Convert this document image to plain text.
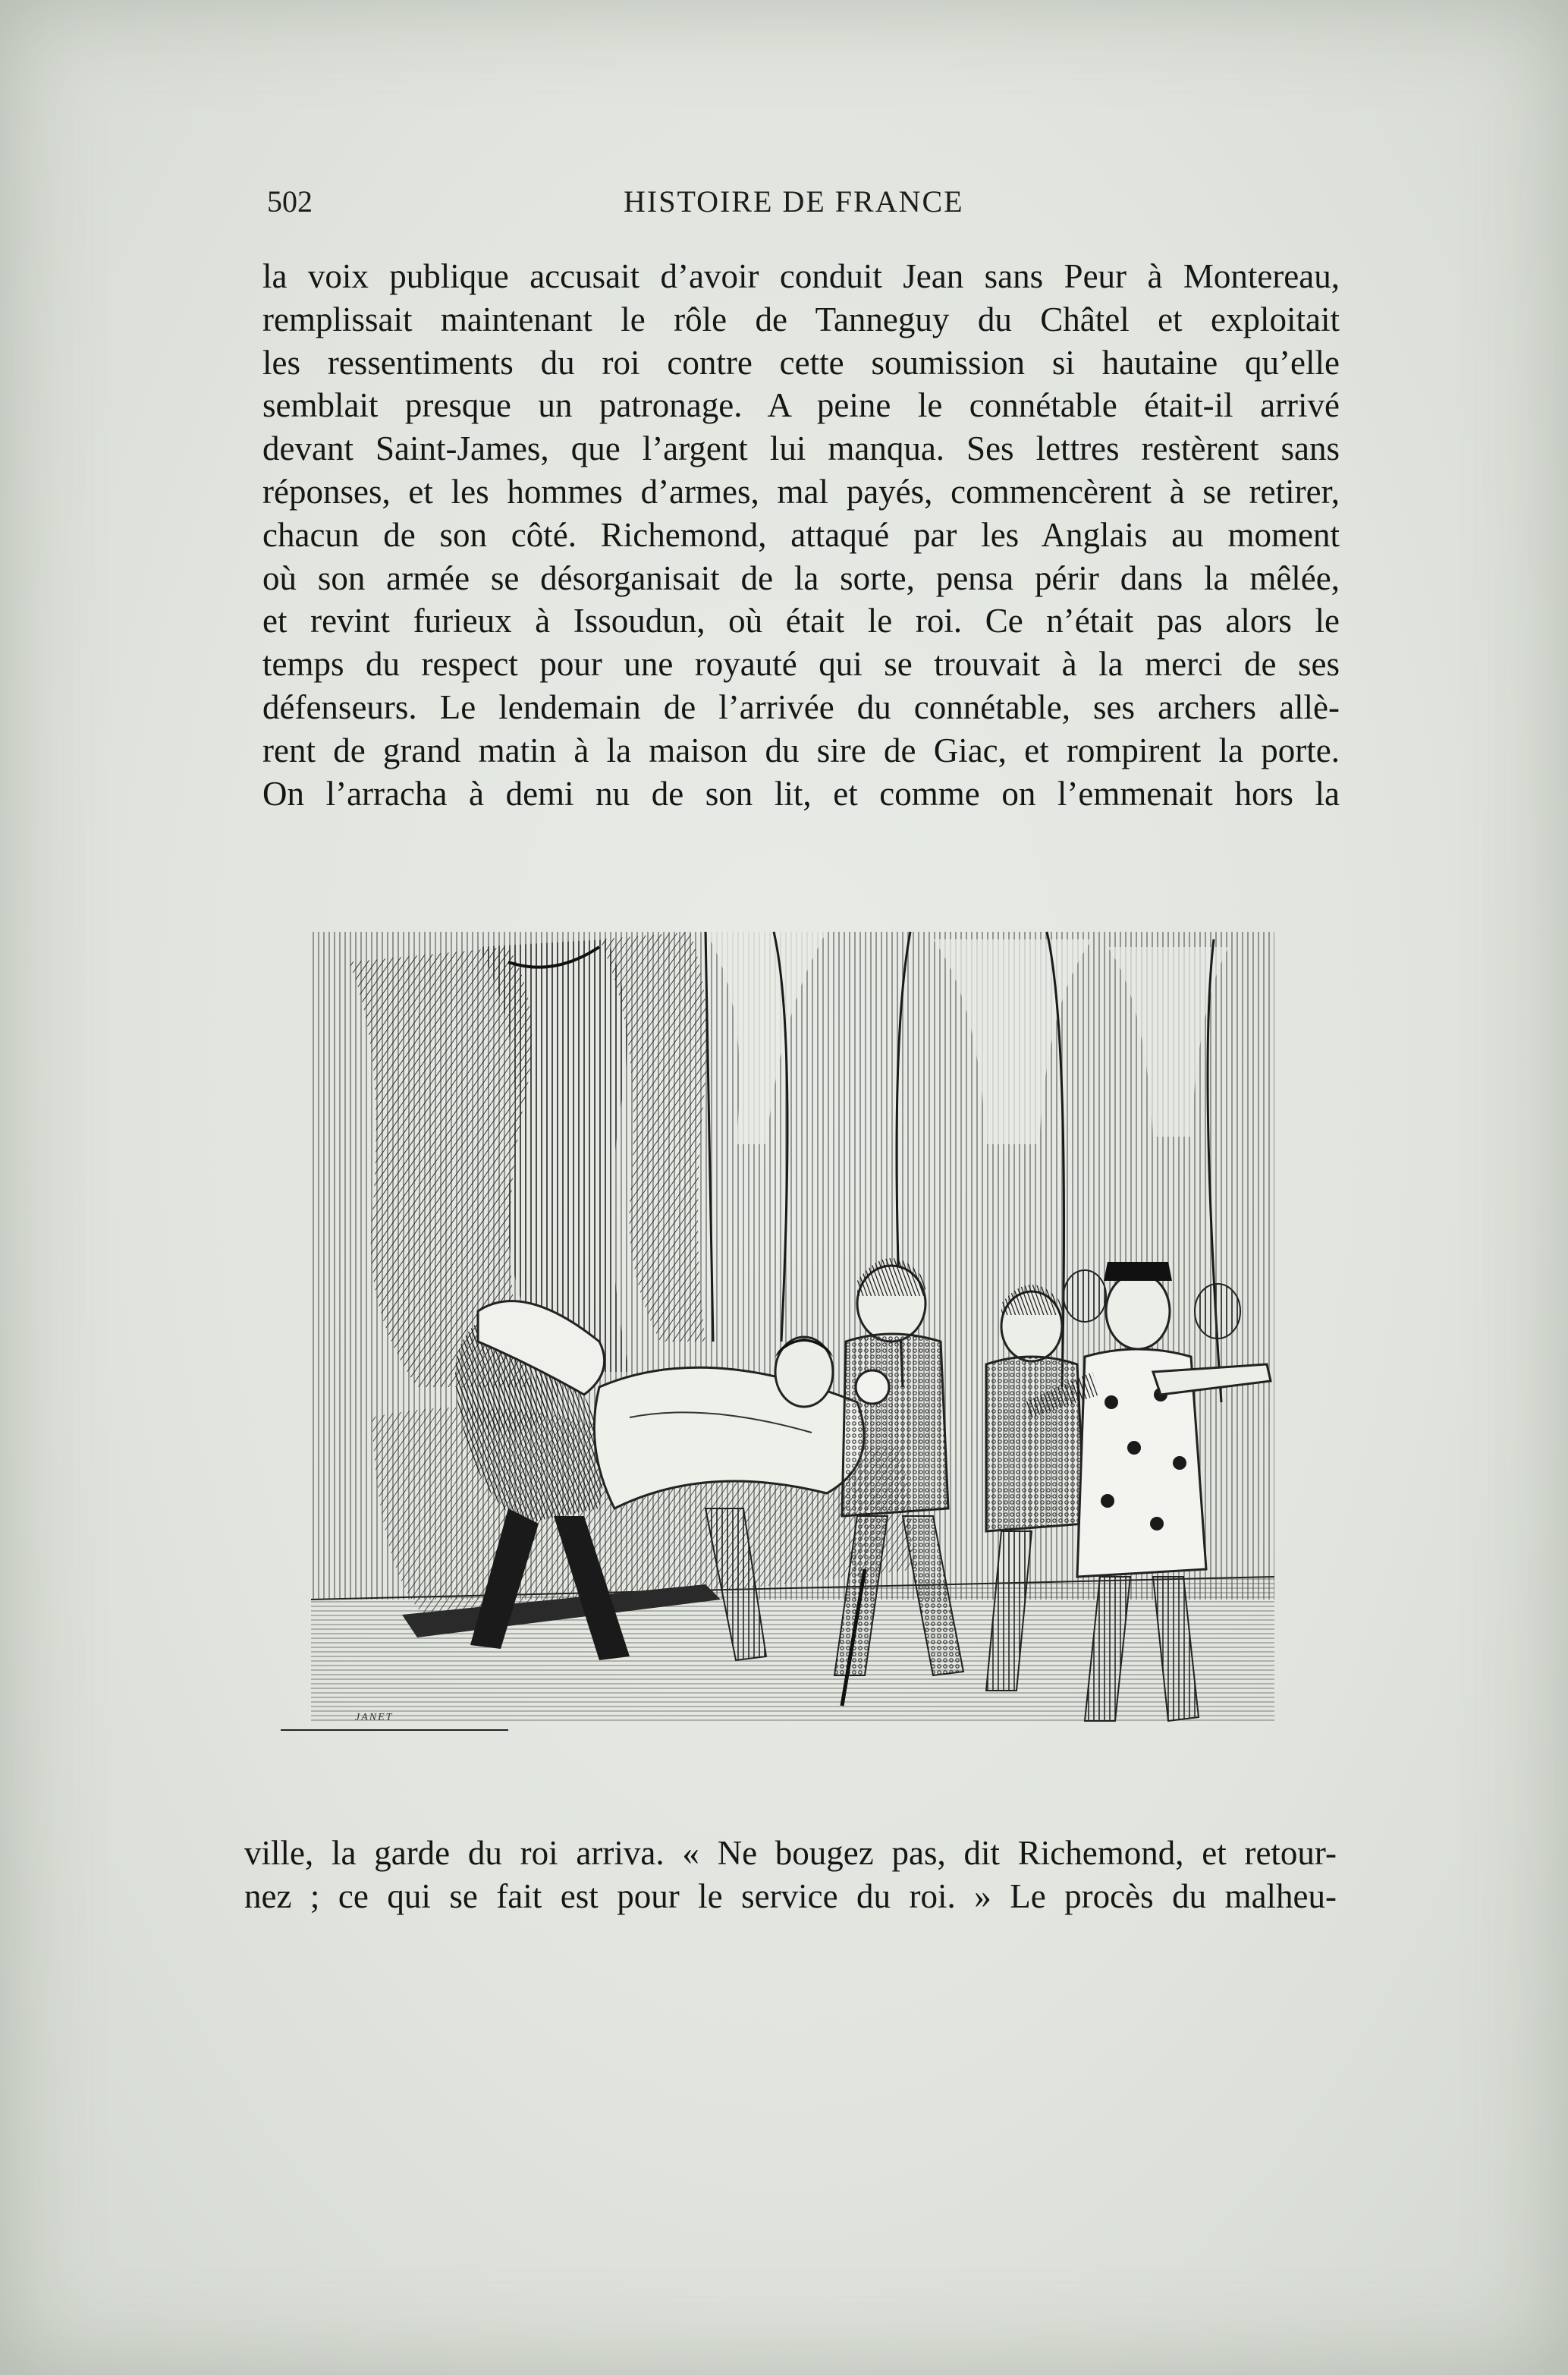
502	HISTOIRE DE FRANCE
la voix publique accusait d’avoir conduit Jean sans Peur à Montereau,
remplissait maintenant le rôle de Tanneguy du Châtel et exploitait
les ressentiments du roi contre cette soumission si hautaine qu’elle
semblait presque un patronage. A peine le connétable était-il arrivé
devant Saint-James, que l’argent lui manqua. Ses lettres restèrent sans
réponses, et les hommes d’armes, mal payés, commencèrent à se retirer,
chacun de son côté. Richemond, attaqué par les Anglais au moment
où son armée se désorganisait de la sorte, pensa périr dans la mêlée,
et revint furieux à Issoudun, où était le roi. Ce n’était pas alors le
temps du respect pour une royauté qui se trouvait à la merci de ses
défenseurs. Le lendemain de l’arrivée du connétable, ses archers allè-
rent de grand matin à la maison du sire de Giac, et rompirent la porte.
On l’arracha à demi nu de son lit, et comme on l’emmenait hors la
JANET
ville, la garde du roi arriva. « Ne bougez pas, dit Richemond, et retour-
nez ; ce qui se fait est pour le service du roi. » Le procès du malheu-
